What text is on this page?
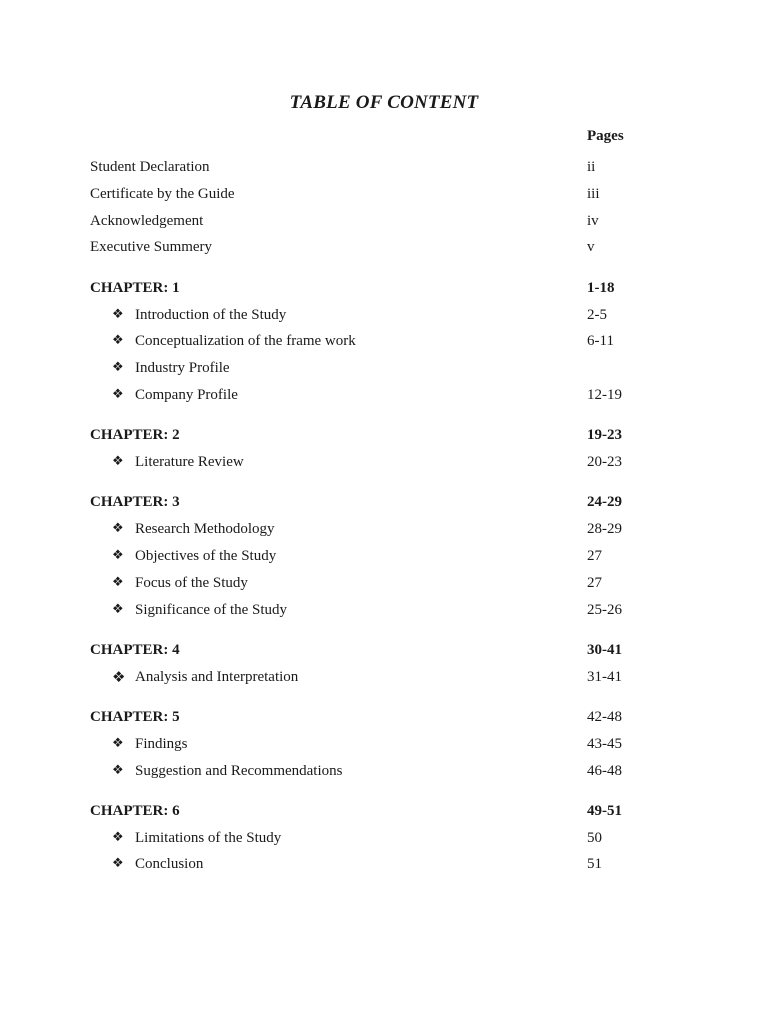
TABLE OF CONTENT
Pages
Student Declaration	ii
Certificate by the Guide	iii
Acknowledgement	iv
Executive Summery	v
CHAPTER: 1	1-18
❖ Introduction of the Study	2-5
❖ Conceptualization of the frame work	6-11
❖ Industry Profile
❖ Company Profile	12-19
CHAPTER: 2	19-23
❖ Literature Review	20-23
CHAPTER: 3	24-29
❖ Research Methodology	28-29
❖ Objectives of the Study	27
❖ Focus of the Study	27
❖ Significance of the Study	25-26
CHAPTER: 4	30-41
❖ Analysis and Interpretation	31-41
CHAPTER: 5	42-48
❖ Findings	43-45
❖ Suggestion and Recommendations	46-48
CHAPTER: 6	49-51
❖ Limitations of the Study	50
❖ Conclusion	51
